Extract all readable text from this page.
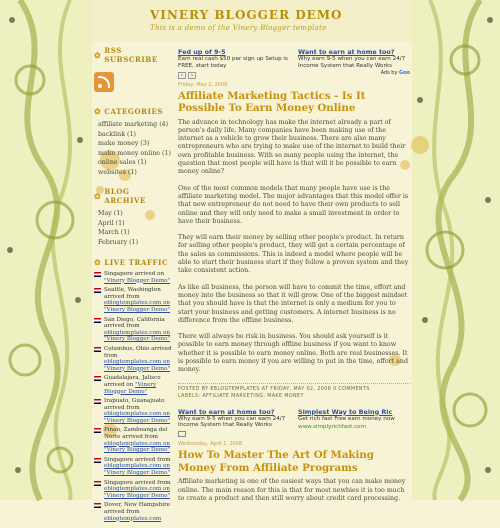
VINERY BLOGGER DEMO
This is a demo of the Vinery Blogger template
✿ RSS SUBSCRIBE
✿ CATEGORIES
affiliate marketing (4)
backlink (1)
make money (3)
make money online (1)
online sales (1)
websites (1)
✿ BLOG ARCHIVE
May (1)
April (1)
March (1)
February (1)
✿ LIVE TRAFFIC
Singapore arrived on "Vinery Blogger Demo"
Seattle, Washington arrived from eblogtemplates.com on "Vinery Blogger Demo"
San Diego, California arrived from eblogtemplates.com on "Vinery Blogger Demo"
Columbus, Ohio arrived from eblogtemplates.com on "Vinery Blogger Demo"
Guadalajara, Jalisco arrived on "Vinery Blogger Demo"
Irapuato, Guanajuato arrived from eblogtemplates.com on "Vinery Blogger Demo"
Pinan, Zamboanga del Norte arrived from eblogtemplates.com on "Vinery Blogger Demo"
Singapore arrived from eblogtemplates.com on "Vinery Blogger Demo"
Singapore arrived from eblogtemplates.com on "Vinery Blogger Demo"
Dover, New Hampshire arrived from eblogtemplates.com
Fed up of 9-5
Earn real cash $50 per sign up Setup is FREE, start today
‹	›
Want to earn at home too?
Why earn 9-5 when you can earn 24/7 Income System that Really Works
Ads by Goo
Friday, May 2, 2008
Affiliate Marketing Tactics - Is It Possible To Earn Money Online

The advance in technology has make the internet already a part of person's daily life. Many companies have been making use of the internet as a vehicle to grow their business. There are also many entrepreneurs who are trying to make use of the internet to build their own profitable business. With so many people using the internet, the question that most people will have is that will it be possible to earn money online?

One of the most common models that many people have use is the affiliate marketing model. The major advantages that this model offer is that new entrepreneur do not need to have their own products to sell online and they will only need to make a small investment in order to have their business.

They will earn their money by selling other people's product. In return for selling other people's product, they will get a certain percentage of the sales as commissions. This is indeed a model where people will be able to start their business start if they follow a proven system and they take consistent action.

As like all business, the person will have to commit the time, effort and money into the business so that it will grow. One of the biggest mindset that you should have is that the internet is only a medium for you to start your business and getting customers. A internet business is no difference from the offline business.

There will always be risk in business. You should ask yourself is it possible to earn money through offline business if you want to know whether it is possible to earn money online. Both are real businesses. It is possible to earn money if you are willing to put in the time, effort and money.

POSTED BY EBLOGTEMPLATES AT FRIDAY, MAY 02, 2008 0 COMMENTS
LABELS: AFFILIATE MARKETING, MAKE MONEY
Want to earn at home too?
Why earn 9-5 when you can earn 24/7 Income System that Really Works
Simplest Way to Being Ric
Get rich fast Free earn money now
www.simplyrichfast.com
Wednesday, April 1, 2008
How To Master The Art Of Making Money From Affiliate Programs

Affiliate marketing is one of the easiest ways that you can make money online. The main reason for this is that for most newbies it is too much to create a product and then still worry about credit card processing.
